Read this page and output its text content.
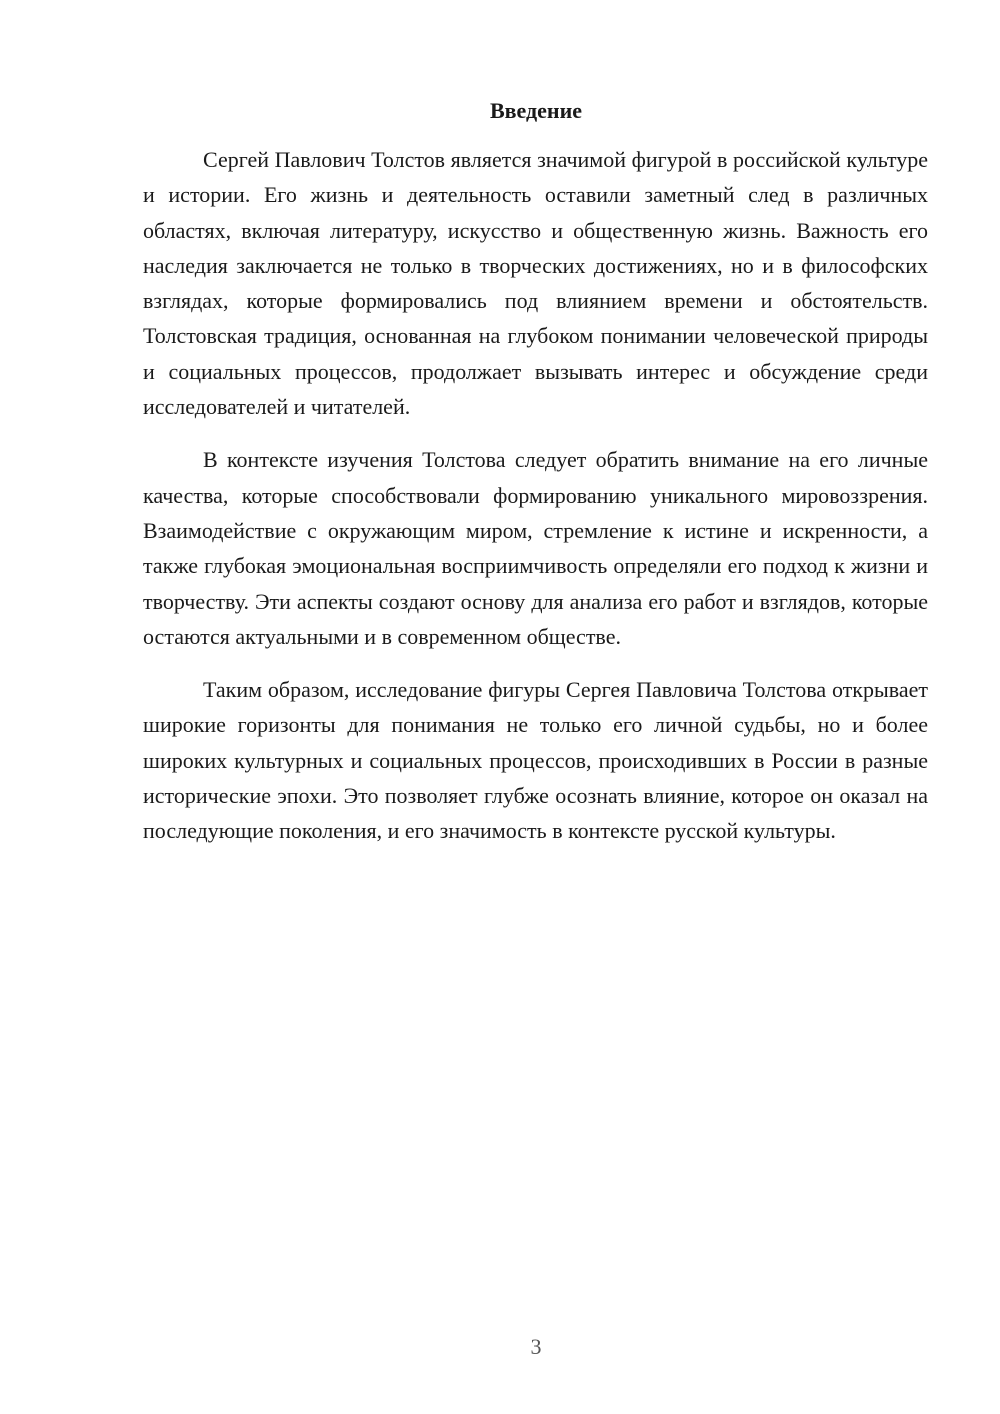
Введение

Сергей Павлович Толстов является значимой фигурой в российской культуре и истории. Его жизнь и деятельность оставили заметный след в различных областях, включая литературу, искусство и общественную жизнь. Важность его наследия заключается не только в творческих достижениях, но и в философских взглядах, которые формировались под влиянием времени и обстоятельств. Толстовская традиция, основанная на глубоком понимании человеческой природы и социальных процессов, продолжает вызывать интерес и обсуждение среди исследователей и читателей.

В контексте изучения Толстова следует обратить внимание на его личные качества, которые способствовали формированию уникального мировоззрения. Взаимодействие с окружающим миром, стремление к истине и искренности, а также глубокая эмоциональная восприимчивость определяли его подход к жизни и творчеству. Эти аспекты создают основу для анализа его работ и взглядов, которые остаются актуальными и в современном обществе.

Таким образом, исследование фигуры Сергея Павловича Толстова открывает широкие горизонты для понимания не только его личной судьбы, но и более широких культурных и социальных процессов, происходивших в России в разные исторические эпохи. Это позволяет глубже осознать влияние, которое он оказал на последующие поколения, и его значимость в контексте русской культуры.

3
